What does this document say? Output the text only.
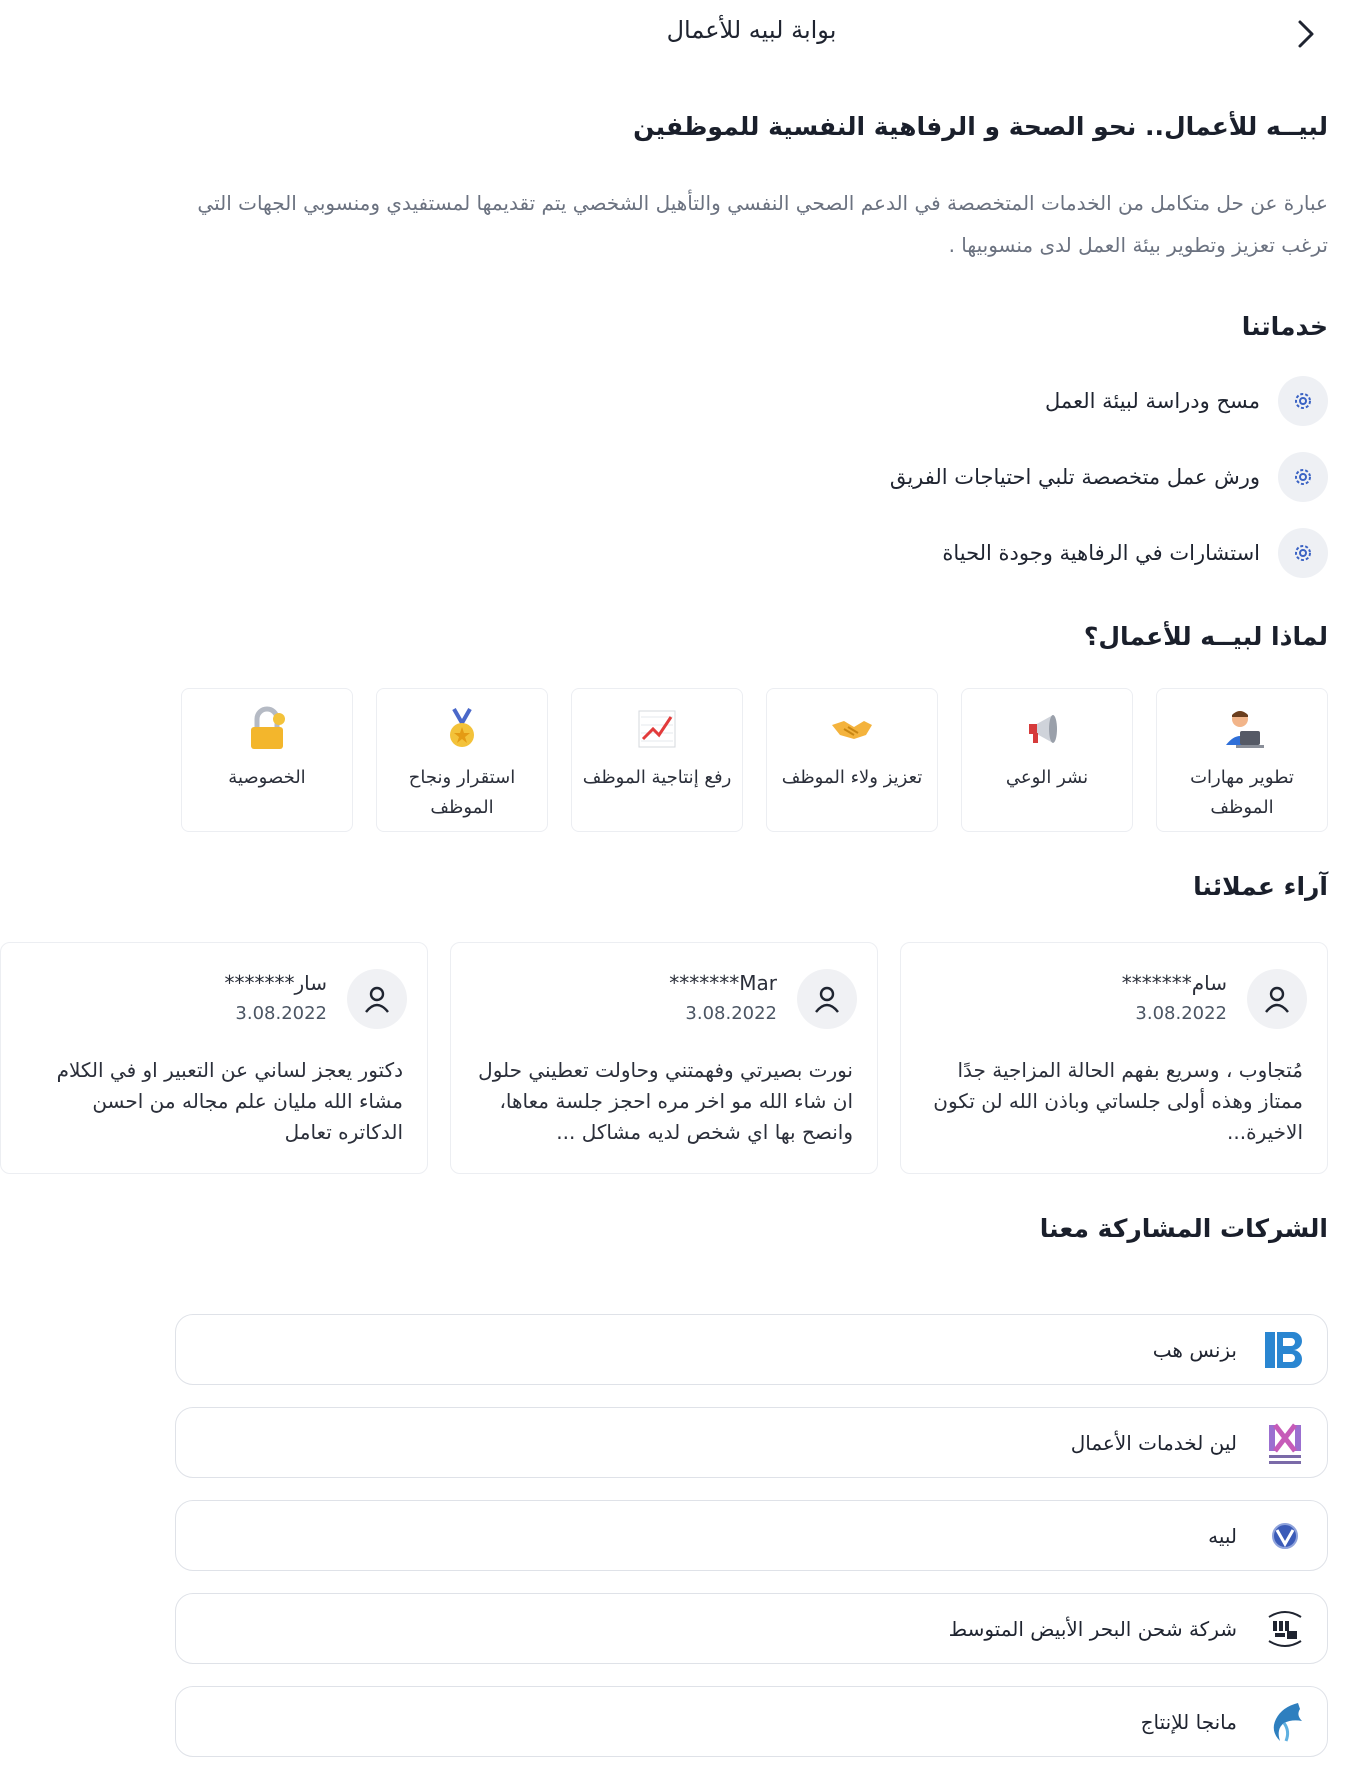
بوابة لبيه للأعمال
لبيــه للأعمال.. نحو الصحة و الرفاهية النفسية للموظفين
عبارة عن حل متكامل من الخدمات المتخصصة في الدعم الصحي النفسي والتأهيل الشخصي يتم تقديمها لمستفيدي ومنسوبي الجهات التي ترغب تعزيز وتطوير بيئة العمل لدى منسوبيها .
خدماتنا
مسح ودراسة لبيئة العمل
ورش عمل متخصصة تلبي احتياجات الفريق
استشارات في الرفاهية وجودة الحياة
لماذا لبيــه للأعمال؟
تطوير مهارات الموظف
نشر الوعي
تعزيز ولاء الموظف
رفع إنتاجية الموظف
استقرار ونجاح الموظف
الخصوصية
آراء عملائنا
سام*******
3.08.2022
مُتجاوب ، وسريع بفهم الحالة المزاجية جدًا ممتاز وهذه أولى جلساتي وباذن الله لن تكون الاخيرة...
Mar*******
3.08.2022
نورت بصيرتي وفهمتني وحاولت تعطيني حلول ان شاء الله مو اخر مره احجز جلسة معاها، وانصح بها اي شخص لديه مشاكل ...
سار*******
3.08.2022
دكتور يعجز لساني عن التعبير او في الكلام مشاء الله مليان علم مجاله من احسن الدكاتره تعامل
الشركات المشاركة معنا
بزنس هب
لين لخدمات الأعمال
لبيه
شركة شحن البحر الأبيض المتوسط
مانجا للإنتاج
